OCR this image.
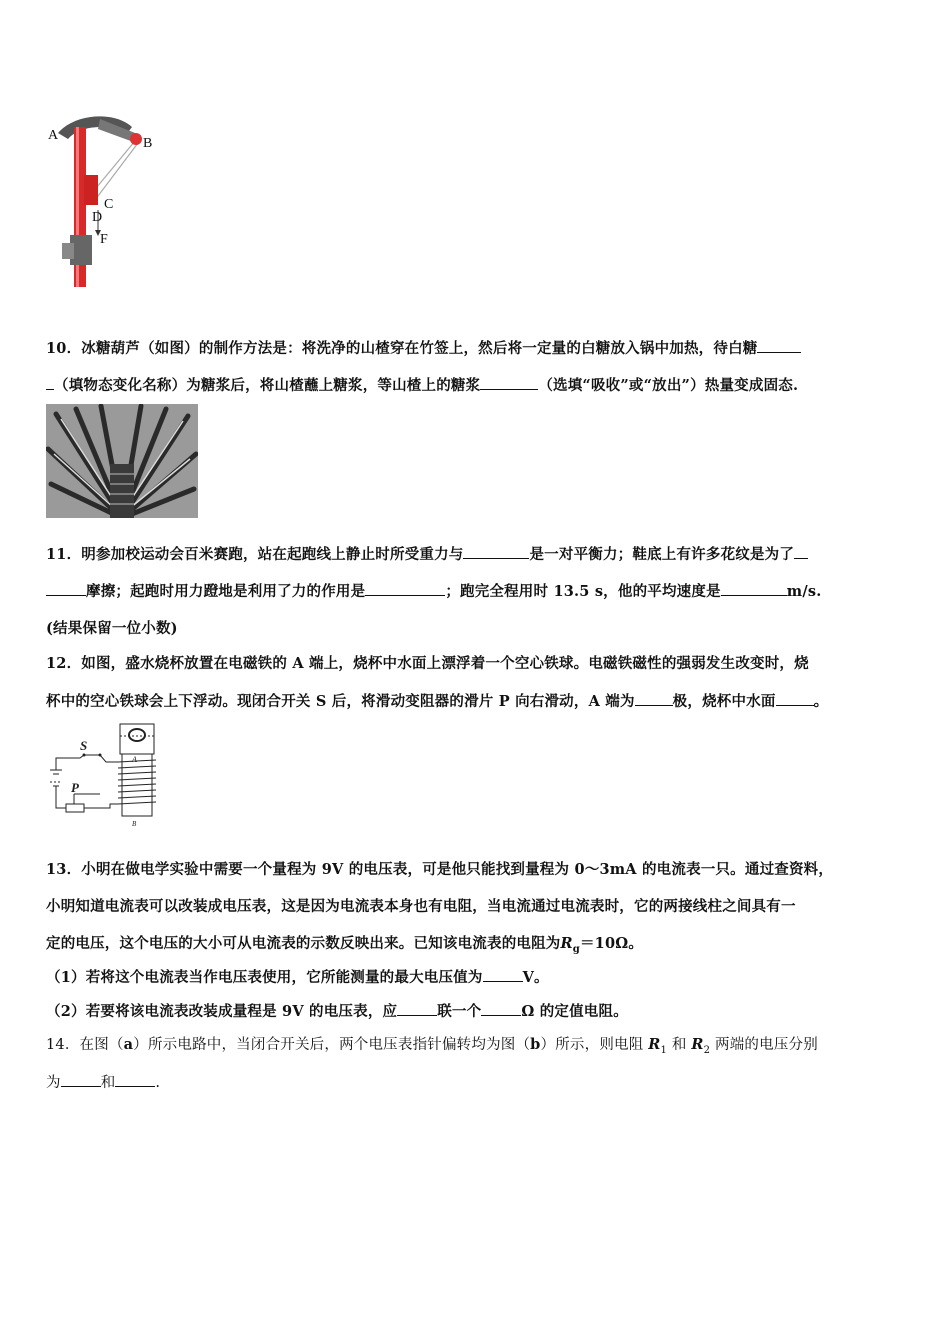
A
B
C
D
F
10．冰糖葫芦（如图）的制作方法是：将洗净的山楂穿在竹签上，然后将一定量的白糖放入锅中加热，待白糖
（填物态变化名称）为糖浆后，将山楂蘸上糖浆，等山楂上的糖浆	（选填“吸收”或“放出”）热量变成固态.
11．明参加校运动会百米赛跑，站在起跑线上静止时所受重力与	是一对平衡力；鞋底上有许多花纹是为了
摩擦；起跑时用力蹬地是利用了力的作用是	；跑完全程用时 13.5 s，他的平均速度是	m/s.
(结果保留一位小数)
12．如图，盛水烧杯放置在电磁铁的 A 端上，烧杯中水面上漂浮着一个空心铁球。电磁铁磁性的强弱发生改变时，烧
杯中的空心铁球会上下浮动。现闭合开关 S 后，将滑动变阻器的滑片 P 向右滑动，A 端为	极，烧杯中水面	。
S
P
A
B
13．小明在做电学实验中需要一个量程为 9V 的电压表，可是他只能找到量程为 0～3mA 的电流表一只。通过查资料，
小明知道电流表可以改装成电压表，这是因为电流表本身也有电阻，当电流通过电流表时，它的两接线柱之间具有一
定的电压，这个电压的大小可从电流表的示数反映出来。已知该电流表的电阻为$R_g=10\Omega$。
（1）若将这个电流表当作电压表使用，它所能测量的最大电压值为	V。
（2）若要将该电流表改装成量程是 9V 的电压表，应	联一个	Ω 的定值电阻。
14．在图（a）所示电路中，当闭合开关后，两个电压表指针偏转均为图（b）所示，则电阻 $R_1$ 和 $R_2$ 两端的电压分别
为	和	.
